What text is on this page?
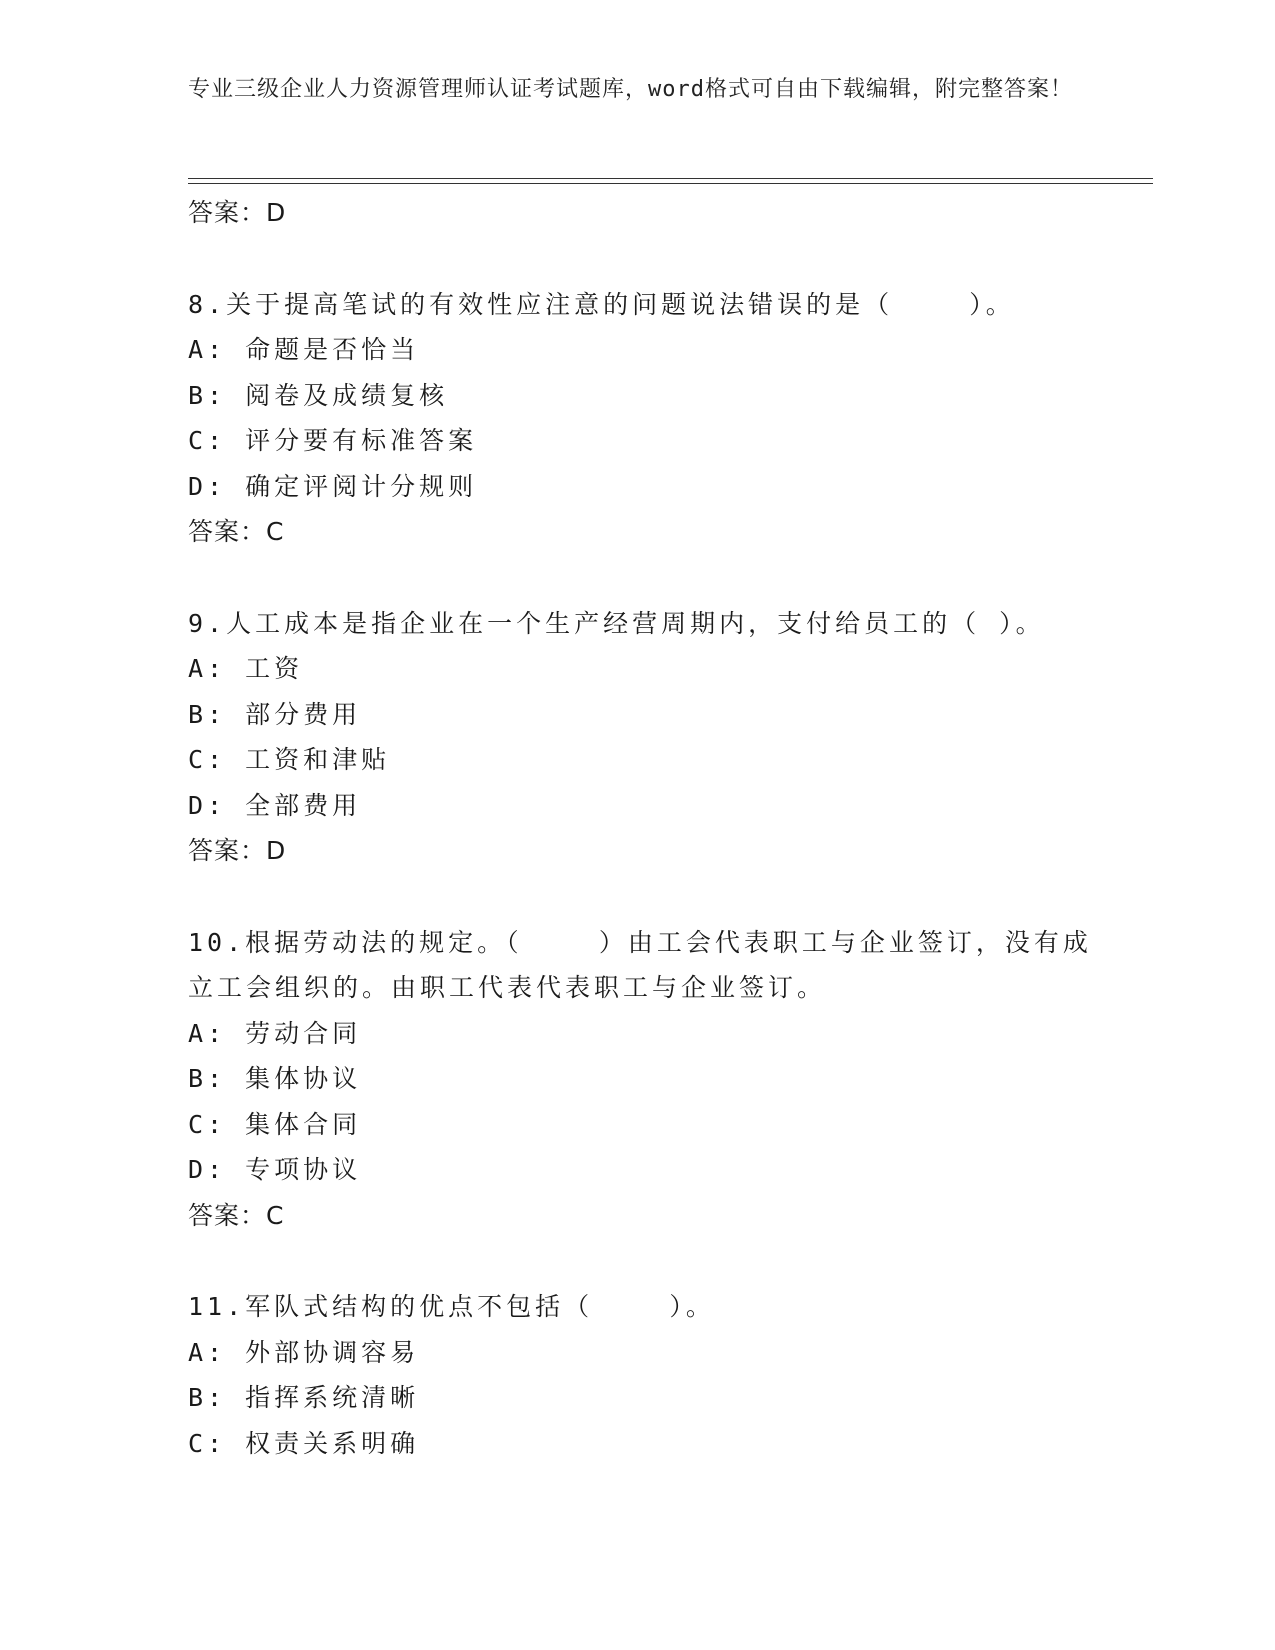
专业三级企业人力资源管理师认证考试题库，word格式可自由下载编辑，附完整答案！
答案：D
8.关于提高笔试的有效性应注意的问题说法错误的是（    ）。
A: 命题是否恰当
B: 阅卷及成绩复核
C: 评分要有标准答案
D: 确定评阅计分规则
答案：C
9.人工成本是指企业在一个生产经营周期内，支付给员工的（ ）。
A: 工资
B: 部分费用
C: 工资和津贴
D: 全部费用
答案：D
10.根据劳动法的规定。（    ）由工会代表职工与企业签订，没有成
立工会组织的。由职工代表代表职工与企业签订。
A: 劳动合同
B: 集体协议
C: 集体合同
D: 专项协议
答案：C
11.军队式结构的优点不包括（    ）。
A: 外部协调容易
B: 指挥系统清晰
C: 权责关系明确
